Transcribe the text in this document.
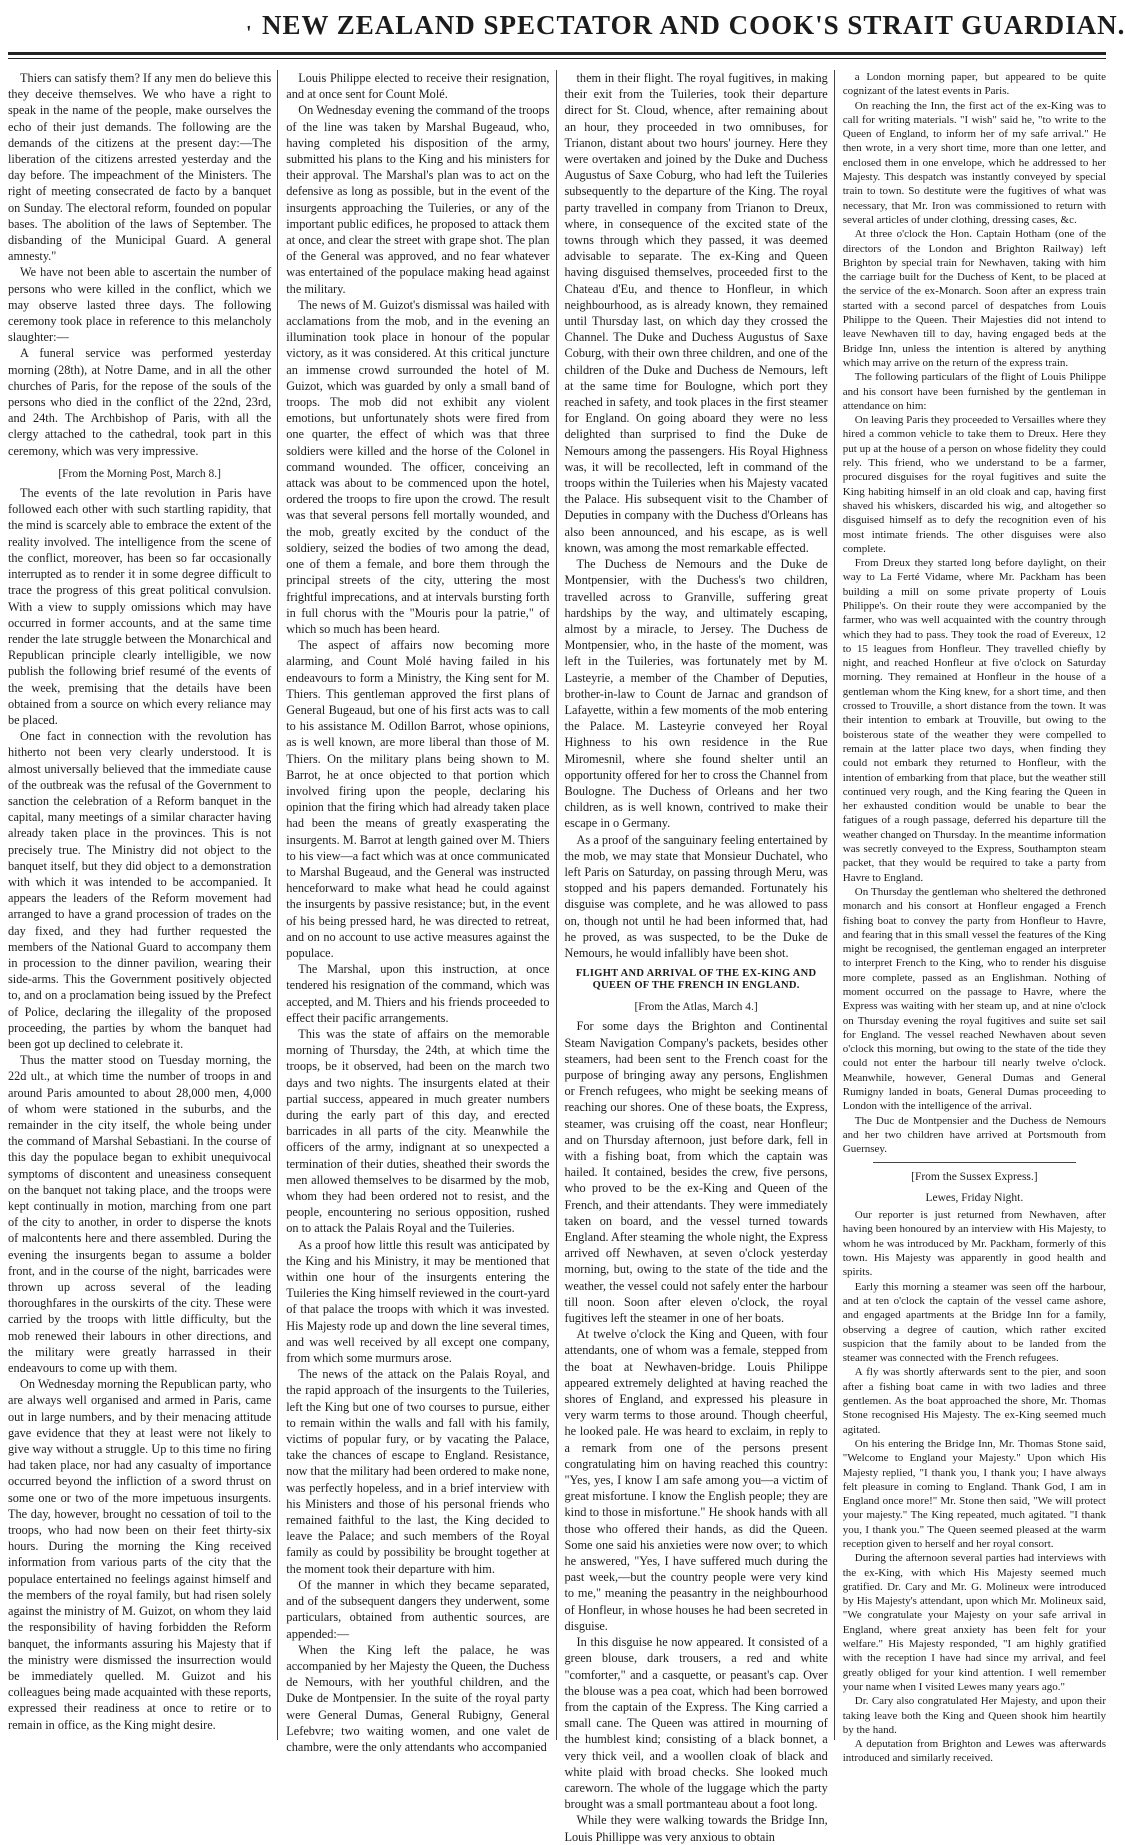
' NEW ZEALAND SPECTATOR AND COOK'S STRAIT GUARDIAN.

Thiers can satisfy them? If any men do believe this they deceive themselves. We who have a right to speak in the name of the people, make ourselves the echo of their just demands. The following are the demands of the citizens at the present day:—The liberation of the citizens arrested yesterday and the day before. The impeachment of the Ministers. The right of meeting consecrated de facto by a banquet on Sunday. The electoral reform, founded on popular bases. The abolition of the laws of September. The disbanding of the Municipal Guard. A general amnesty."

We have not been able to ascertain the number of persons who were killed in the conflict, which we may observe lasted three days. The following ceremony took place in reference to this melancholy slaughter:—

A funeral service was performed yesterday morning (28th), at Notre Dame, and in all the other churches of Paris, for the repose of the souls of the persons who died in the conflict of the 22nd, 23rd, and 24th. The Archbishop of Paris, with all the clergy attached to the cathedral, took part in this ceremony, which was very impressive.

[From the Morning Post, March 8.]

The events of the late revolution in Paris have followed each other with such startling rapidity, that the mind is scarcely able to embrace the extent of the reality involved. The intelligence from the scene of the conflict, moreover, has been so far occasionally interrupted as to render it in some degree difficult to trace the progress of this great political convulsion. With a view to supply omissions which may have occurred in former accounts, and at the same time render the late struggle between the Monarchical and Republican principle clearly intelligible, we now publish the following brief resumé of the events of the week, premising that the details have been obtained from a source on which every reliance may be placed.

One fact in connection with the revolution has hitherto not been very clearly understood. It is almost universally believed that the immediate cause of the outbreak was the refusal of the Government to sanction the celebration of a Reform banquet in the capital, many meetings of a similar character having already taken place in the provinces. This is not precisely true. The Ministry did not object to the banquet itself, but they did object to a demonstration with which it was intended to be accompanied. It appears the leaders of the Reform movement had arranged to have a grand procession of trades on the day fixed, and they had further requested the members of the National Guard to accompany them in procession to the dinner pavilion, wearing their side-arms. This the Government positively objected to, and on a proclamation being issued by the Prefect of Police, declaring the illegality of the proposed proceeding, the parties by whom the banquet had been got up declined to celebrate it.

Thus the matter stood on Tuesday morning, the 22d ult., at which time the number of troops in and around Paris amounted to about 28,000 men, 4,000 of whom were stationed in the suburbs, and the remainder in the city itself, the whole being under the command of Marshal Sebastiani. In the course of this day the populace began to exhibit unequivocal symptoms of discontent and uneasiness consequent on the banquet not taking place, and the troops were kept continually in motion, marching from one part of the city to another, in order to disperse the knots of malcontents here and there assembled. During the evening the insurgents began to assume a bolder front, and in the course of the night, barricades were thrown up across several of the leading thoroughfares in the ourskirts of the city. These were carried by the troops with little difficulty, but the mob renewed their labours in other directions, and the military were greatly harrassed in their endeavours to come up with them.

On Wednesday morning the Republican party, who are always well organised and armed in Paris, came out in large numbers, and by their menacing attitude gave evidence that they at least were not likely to give way without a struggle. Up to this time no firing had taken place, nor had any casualty of importance occurred beyond the infliction of a sword thrust on some one or two of the more impetuous insurgents. The day, however, brought no cessation of toil to the troops, who had now been on their feet thirty-six hours. During the morning the King received information from various parts of the city that the populace entertained no feelings against himself and the members of the royal family, but had risen solely against the ministry of M. Guizot, on whom they laid the responsibility of having forbidden the Reform banquet, the informants assuring his Majesty that if the ministry were dismissed the insurrection would be immediately quelled. M. Guizot and his colleagues being made acquainted with these reports, expressed their readiness at once to retire or to remain in office, as the King might desire.

Louis Philippe elected to receive their resignation, and at once sent for Count Molé.

On Wednesday evening the command of the troops of the line was taken by Marshal Bugeaud, who, having completed his disposition of the army, submitted his plans to the King and his ministers for their approval. The Marshal's plan was to act on the defensive as long as possible, but in the event of the insurgents approaching the Tuileries, or any of the important public edifices, he proposed to attack them at once, and clear the street with grape shot. The plan of the General was approved, and no fear whatever was entertained of the populace making head against the military.

The news of M. Guizot's dismissal was hailed with acclamations from the mob, and in the evening an illumination took place in honour of the popular victory, as it was considered. At this critical juncture an immense crowd surrounded the hotel of M. Guizot, which was guarded by only a small band of troops. The mob did not exhibit any violent emotions, but unfortunately shots were fired from one quarter, the effect of which was that three soldiers were killed and the horse of the Colonel in command wounded. The officer, conceiving an attack was about to be commenced upon the hotel, ordered the troops to fire upon the crowd. The result was that several persons fell mortally wounded, and the mob, greatly excited by the conduct of the soldiery, seized the bodies of two among the dead, one of them a female, and bore them through the principal streets of the city, uttering the most frightful imprecations, and at intervals bursting forth in full chorus with the "Mouris pour la patrie," of which so much has been heard.

The aspect of affairs now becoming more alarming, and Count Molé having failed in his endeavours to form a Ministry, the King sent for M. Thiers. This gentleman approved the first plans of General Bugeaud, but one of his first acts was to call to his assistance M. Odillon Barrot, whose opinions, as is well known, are more liberal than those of M. Thiers. On the military plans being shown to M. Barrot, he at once objected to that portion which involved firing upon the people, declaring his opinion that the firing which had already taken place had been the means of greatly exasperating the insurgents. M. Barrot at length gained over M. Thiers to his view—a fact which was at once communicated to Marshal Bugeaud, and the General was instructed henceforward to make what head he could against the insurgents by passive resistance; but, in the event of his being pressed hard, he was directed to retreat, and on no account to use active measures against the populace.

The Marshal, upon this instruction, at once tendered his resignation of the command, which was accepted, and M. Thiers and his friends proceeded to effect their pacific arrangements.

This was the state of affairs on the memorable morning of Thursday, the 24th, at which time the troops, be it observed, had been on the march two days and two nights. The insurgents elated at their partial success, appeared in much greater numbers during the early part of this day, and erected barricades in all parts of the city. Meanwhile the officers of the army, indignant at so unexpected a termination of their duties, sheathed their swords the men allowed themselves to be disarmed by the mob, whom they had been ordered not to resist, and the people, encountering no serious opposition, rushed on to attack the Palais Royal and the Tuileries.

As a proof how little this result was anticipated by the King and his Ministry, it may be mentioned that within one hour of the insurgents entering the Tuileries the King himself reviewed in the court-yard of that palace the troops with which it was invested. His Majesty rode up and down the line several times, and was well received by all except one company, from which some murmurs arose.

The news of the attack on the Palais Royal, and the rapid approach of the insurgents to the Tuileries, left the King but one of two courses to pursue, either to remain within the walls and fall with his family, victims of popular fury, or by vacating the Palace, take the chances of escape to England. Resistance, now that the military had been ordered to make none, was perfectly hopeless, and in a brief interview with his Ministers and those of his personal friends who remained faithful to the last, the King decided to leave the Palace; and such members of the Royal family as could by possibility be brought together at the moment took their departure with him.

Of the manner in which they became separated, and of the subsequent dangers they underwent, some particulars, obtained from authentic sources, are appended:—

When the King left the palace, he was accompanied by her Majesty the Queen, the Duchess de Nemours, with her youthful children, and the Duke de Montpensier. In the suite of the royal party were General Dumas, General Rubigny, General Lefebvre; two waiting women, and one valet de chambre, were the only attendants who accompanied

them in their flight. The royal fugitives, in making their exit from the Tuileries, took their departure direct for St. Cloud, whence, after remaining about an hour, they proceeded in two omnibuses, for Trianon, distant about two hours' journey. Here they were overtaken and joined by the Duke and Duchess Augustus of Saxe Coburg, who had left the Tuileries subsequently to the departure of the King. The royal party travelled in company from Trianon to Dreux, where, in consequence of the excited state of the towns through which they passed, it was deemed advisable to separate. The ex-King and Queen having disguised themselves, proceeded first to the Chateau d'Eu, and thence to Honfleur, in which neighbourhood, as is already known, they remained until Thursday last, on which day they crossed the Channel. The Duke and Duchess Augustus of Saxe Coburg, with their own three children, and one of the children of the Duke and Duchess de Nemours, left at the same time for Boulogne, which port they reached in safety, and took places in the first steamer for England. On going aboard they were no less delighted than surprised to find the Duke de Nemours among the passengers. His Royal Highness was, it will be recollected, left in command of the troops within the Tuileries when his Majesty vacated the Palace. His subsequent visit to the Chamber of Deputies in company with the Duchess d'Orleans has also been announced, and his escape, as is well known, was among the most remarkable effected.

The Duchess de Nemours and the Duke de Montpensier, with the Duchess's two children, travelled across to Granville, suffering great hardships by the way, and ultimately escaping, almost by a miracle, to Jersey. The Duchess de Montpensier, who, in the haste of the moment, was left in the Tuileries, was fortunately met by M. Lasteyrie, a member of the Chamber of Deputies, brother-in-law to Count de Jarnac and grandson of Lafayette, within a few moments of the mob entering the Palace. M. Lasteyrie conveyed her Royal Highness to his own residence in the Rue Miromesnil, where she found shelter until an opportunity offered for her to cross the Channel from Boulogne. The Duchess of Orleans and her two children, as is well known, contrived to make their escape in o Germany.

As a proof of the sanguinary feeling entertained by the mob, we may state that Monsieur Duchatel, who left Paris on Saturday, on passing through Meru, was stopped and his papers demanded. Fortunately his disguise was complete, and he was allowed to pass on, though not until he had been informed that, had he proved, as was suspected, to be the Duke de Nemours, he would infallibly have been shot.

FLIGHT AND ARRIVAL OF THE EX-KING AND QUEEN OF THE FRENCH IN ENGLAND.

[From the Atlas, March 4.]

For some days the Brighton and Continental Steam Navigation Company's packets, besides other steamers, had been sent to the French coast for the purpose of bringing away any persons, Englishmen or French refugees, who might be seeking means of reaching our shores. One of these boats, the Express, steamer, was cruising off the coast, near Honfleur; and on Thursday afternoon, just before dark, fell in with a fishing boat, from which the captain was hailed. It contained, besides the crew, five persons, who proved to be the ex-King and Queen of the French, and their attendants. They were immediately taken on board, and the vessel turned towards England. After steaming the whole night, the Express arrived off Newhaven, at seven o'clock yesterday morning, but, owing to the state of the tide and the weather, the vessel could not safely enter the harbour till noon. Soon after eleven o'clock, the royal fugitives left the steamer in one of her boats.

At twelve o'clock the King and Queen, with four attendants, one of whom was a female, stepped from the boat at Newhaven-bridge. Louis Philippe appeared extremely delighted at having reached the shores of England, and expressed his pleasure in very warm terms to those around. Though cheerful, he looked pale. He was heard to exclaim, in reply to a remark from one of the persons present congratulating him on having reached this country: "Yes, yes, I know I am safe among you—a victim of great misfortune. I know the English people; they are kind to those in misfortune." He shook hands with all those who offered their hands, as did the Queen. Some one said his anxieties were now over; to which he answered, "Yes, I have suffered much during the past week,—but the country people were very kind to me," meaning the peasantry in the neighbourhood of Honfleur, in whose houses he had been secreted in disguise.

In this disguise he now appeared. It consisted of a green blouse, dark trousers, a red and white "comforter," and a casquette, or peasant's cap. Over the blouse was a pea coat, which had been borrowed from the captain of the Express. The King carried a small cane. The Queen was attired in mourning of the humblest kind; consisting of a black bonnet, a very thick veil, and a woollen cloak of black and white plaid with broad checks. She looked much careworn. The whole of the luggage which the party brought was a small portmanteau about a foot long.

While they were walking towards the Bridge Inn, Louis Phillippe was very anxious to obtain

a London morning paper, but appeared to be quite cognizant of the latest events in Paris.

On reaching the Inn, the first act of the ex-King was to call for writing materials. "I wish" said he, "to write to the Queen of England, to inform her of my safe arrival." He then wrote, in a very short time, more than one letter, and enclosed them in one envelope, which he addressed to her Majesty. This despatch was instantly conveyed by special train to town. So destitute were the fugitives of what was necessary, that Mr. Iron was commissioned to return with several articles of under clothing, dressing cases, &c.

At three o'clock the Hon. Captain Hotham (one of the directors of the London and Brighton Railway) left Brighton by special train for Newhaven, taking with him the carriage built for the Duchess of Kent, to be placed at the service of the ex-Monarch. Soon after an express train started with a second parcel of despatches from Louis Philippe to the Queen. Their Majesties did not intend to leave Newhaven till to day, having engaged beds at the Bridge Inn, unless the intention is altered by anything which may arrive on the return of the express train.

The following particulars of the flight of Louis Philippe and his consort have been furnished by the gentleman in attendance on him:

On leaving Paris they proceeded to Versailles where they hired a common vehicle to take them to Dreux. Here they put up at the house of a person on whose fidelity they could rely. This friend, who we understand to be a farmer, procured disguises for the royal fugitives and suite the King habiting himself in an old cloak and cap, having first shaved his whiskers, discarded his wig, and altogether so disguised himself as to defy the recognition even of his most intimate friends. The other disguises were also complete.

From Dreux they started long before daylight, on their way to La Ferté Vidame, where Mr. Packham has been building a mill on some private property of Louis Philippe's. On their route they were accompanied by the farmer, who was well acquainted with the country through which they had to pass. They took the road of Evereux, 12 to 15 leagues from Honfleur. They travelled chiefly by night, and reached Honfleur at five o'clock on Saturday morning. They remained at Honfleur in the house of a gentleman whom the King knew, for a short time, and then crossed to Trouville, a short distance from the town. It was their intention to embark at Trouville, but owing to the boisterous state of the weather they were compelled to remain at the latter place two days, when finding they could not embark they returned to Honfleur, with the intention of embarking from that place, but the weather still continued very rough, and the King fearing the Queen in her exhausted condition would be unable to bear the fatigues of a rough passage, deferred his departure till the weather changed on Thursday. In the meantime information was secretly conveyed to the Express, Southampton steam packet, that they would be required to take a party from Havre to England.

On Thursday the gentleman who sheltered the dethroned monarch and his consort at Honfleur engaged a French fishing boat to convey the party from Honfleur to Havre, and fearing that in this small vessel the features of the King might be recognised, the gentleman engaged an interpreter to interpret French to the King, who to render his disguise more complete, passed as an Englishman. Nothing of moment occurred on the passage to Havre, where the Express was waiting with her steam up, and at nine o'clock on Thursday evening the royal fugitives and suite set sail for England. The vessel reached Newhaven about seven o'clock this morning, but owing to the state of the tide they could not enter the harbour till nearly twelve o'clock. Meanwhile, however, General Dumas and General Rumigny landed in boats, General Dumas proceeding to London with the intelligence of the arrival.

The Duc de Montpensier and the Duchess de Nemours and her two children have arrived at Portsmouth from Guernsey.

[From the Sussex Express.]

Lewes, Friday Night.

Our reporter is just returned from Newhaven, after having been honoured by an interview with His Majesty, to whom he was introduced by Mr. Packham, formerly of this town. His Majesty was apparently in good health and spirits.

Early this morning a steamer was seen off the harbour, and at ten o'clock the captain of the vessel came ashore, and engaged apartments at the Bridge Inn for a family, observing a degree of caution, which rather excited suspicion that the family about to be landed from the steamer was connected with the French refugees.

A fly was shortly afterwards sent to the pier, and soon after a fishing boat came in with two ladies and three gentlemen. As the boat approached the shore, Mr. Thomas Stone recognised His Majesty. The ex-King seemed much agitated.

On his entering the Bridge Inn, Mr. Thomas Stone said, "Welcome to England your Majesty." Upon which His Majesty replied, "I thank you, I thank you; I have always felt pleasure in coming to England. Thank God, I am in England once more!" Mr. Stone then said, "We will protect your majesty." The King repeated, much agitated. "I thank you, I thank you." The Queen seemed pleased at the warm reception given to herself and her royal consort.

During the afternoon several parties had interviews with the ex-King, with which His Majesty seemed much gratified. Dr. Cary and Mr. G. Molineux were introduced by His Majesty's attendant, upon which Mr. Molineux said, "We congratulate your Majesty on your safe arrival in England, where great anxiety has been felt for your welfare." His Majesty responded, "I am highly gratified with the reception I have had since my arrival, and feel greatly obliged for your kind attention. I well remember your name when I visited Lewes many years ago."

Dr. Cary also congratulated Her Majesty, and upon their taking leave both the King and Queen shook him heartily by the hand.

A deputation from Brighton and Lewes was afterwards introduced and similarly received.
